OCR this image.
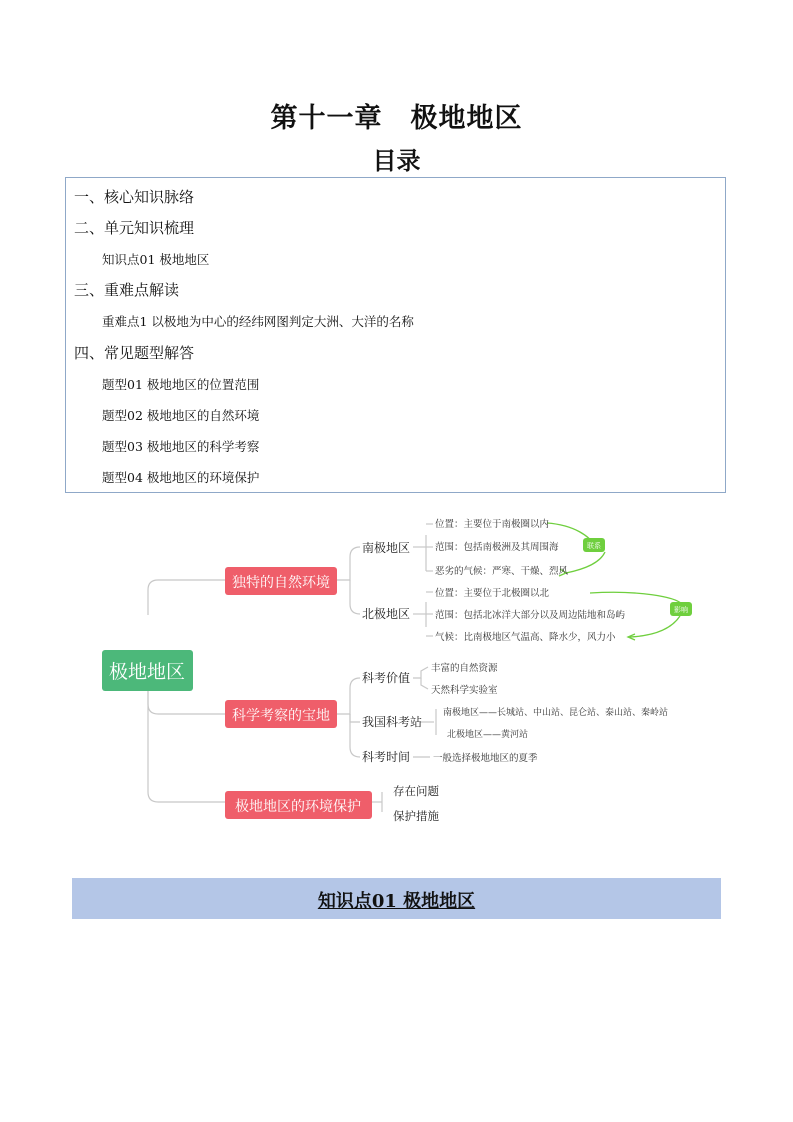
第十一章　极地地区
目录
一、核心知识脉络
二、单元知识梳理
知识点01 极地地区
三、重难点解读
重难点1 以极地为中心的经纬网图判定大洲、大洋的名称
四、常见题型解答
题型01 极地地区的位置范围
题型02 极地地区的自然环境
题型03 极地地区的科学考察
题型04 极地地区的环境保护
联系
影响
极地地区
独特的自然环境
科学考察的宝地
极地地区的环境保护
南极地区
北极地区
科考价值
我国科考站
科考时间
存在问题
保护措施
位置：主要位于南极圈以内
范围：包括南极洲及其周围海
恶劣的气候：严寒、干燥、烈风
位置：主要位于北极圈以北
范围：包括北冰洋大部分以及周边陆地和岛屿
气候：比南极地区气温高、降水少，风力小
丰富的自然资源
天然科学实验室
南极地区——长城站、中山站、昆仑站、泰山站、秦岭站
北极地区——黄河站
一般选择极地地区的夏季
知识点01 极地地区
